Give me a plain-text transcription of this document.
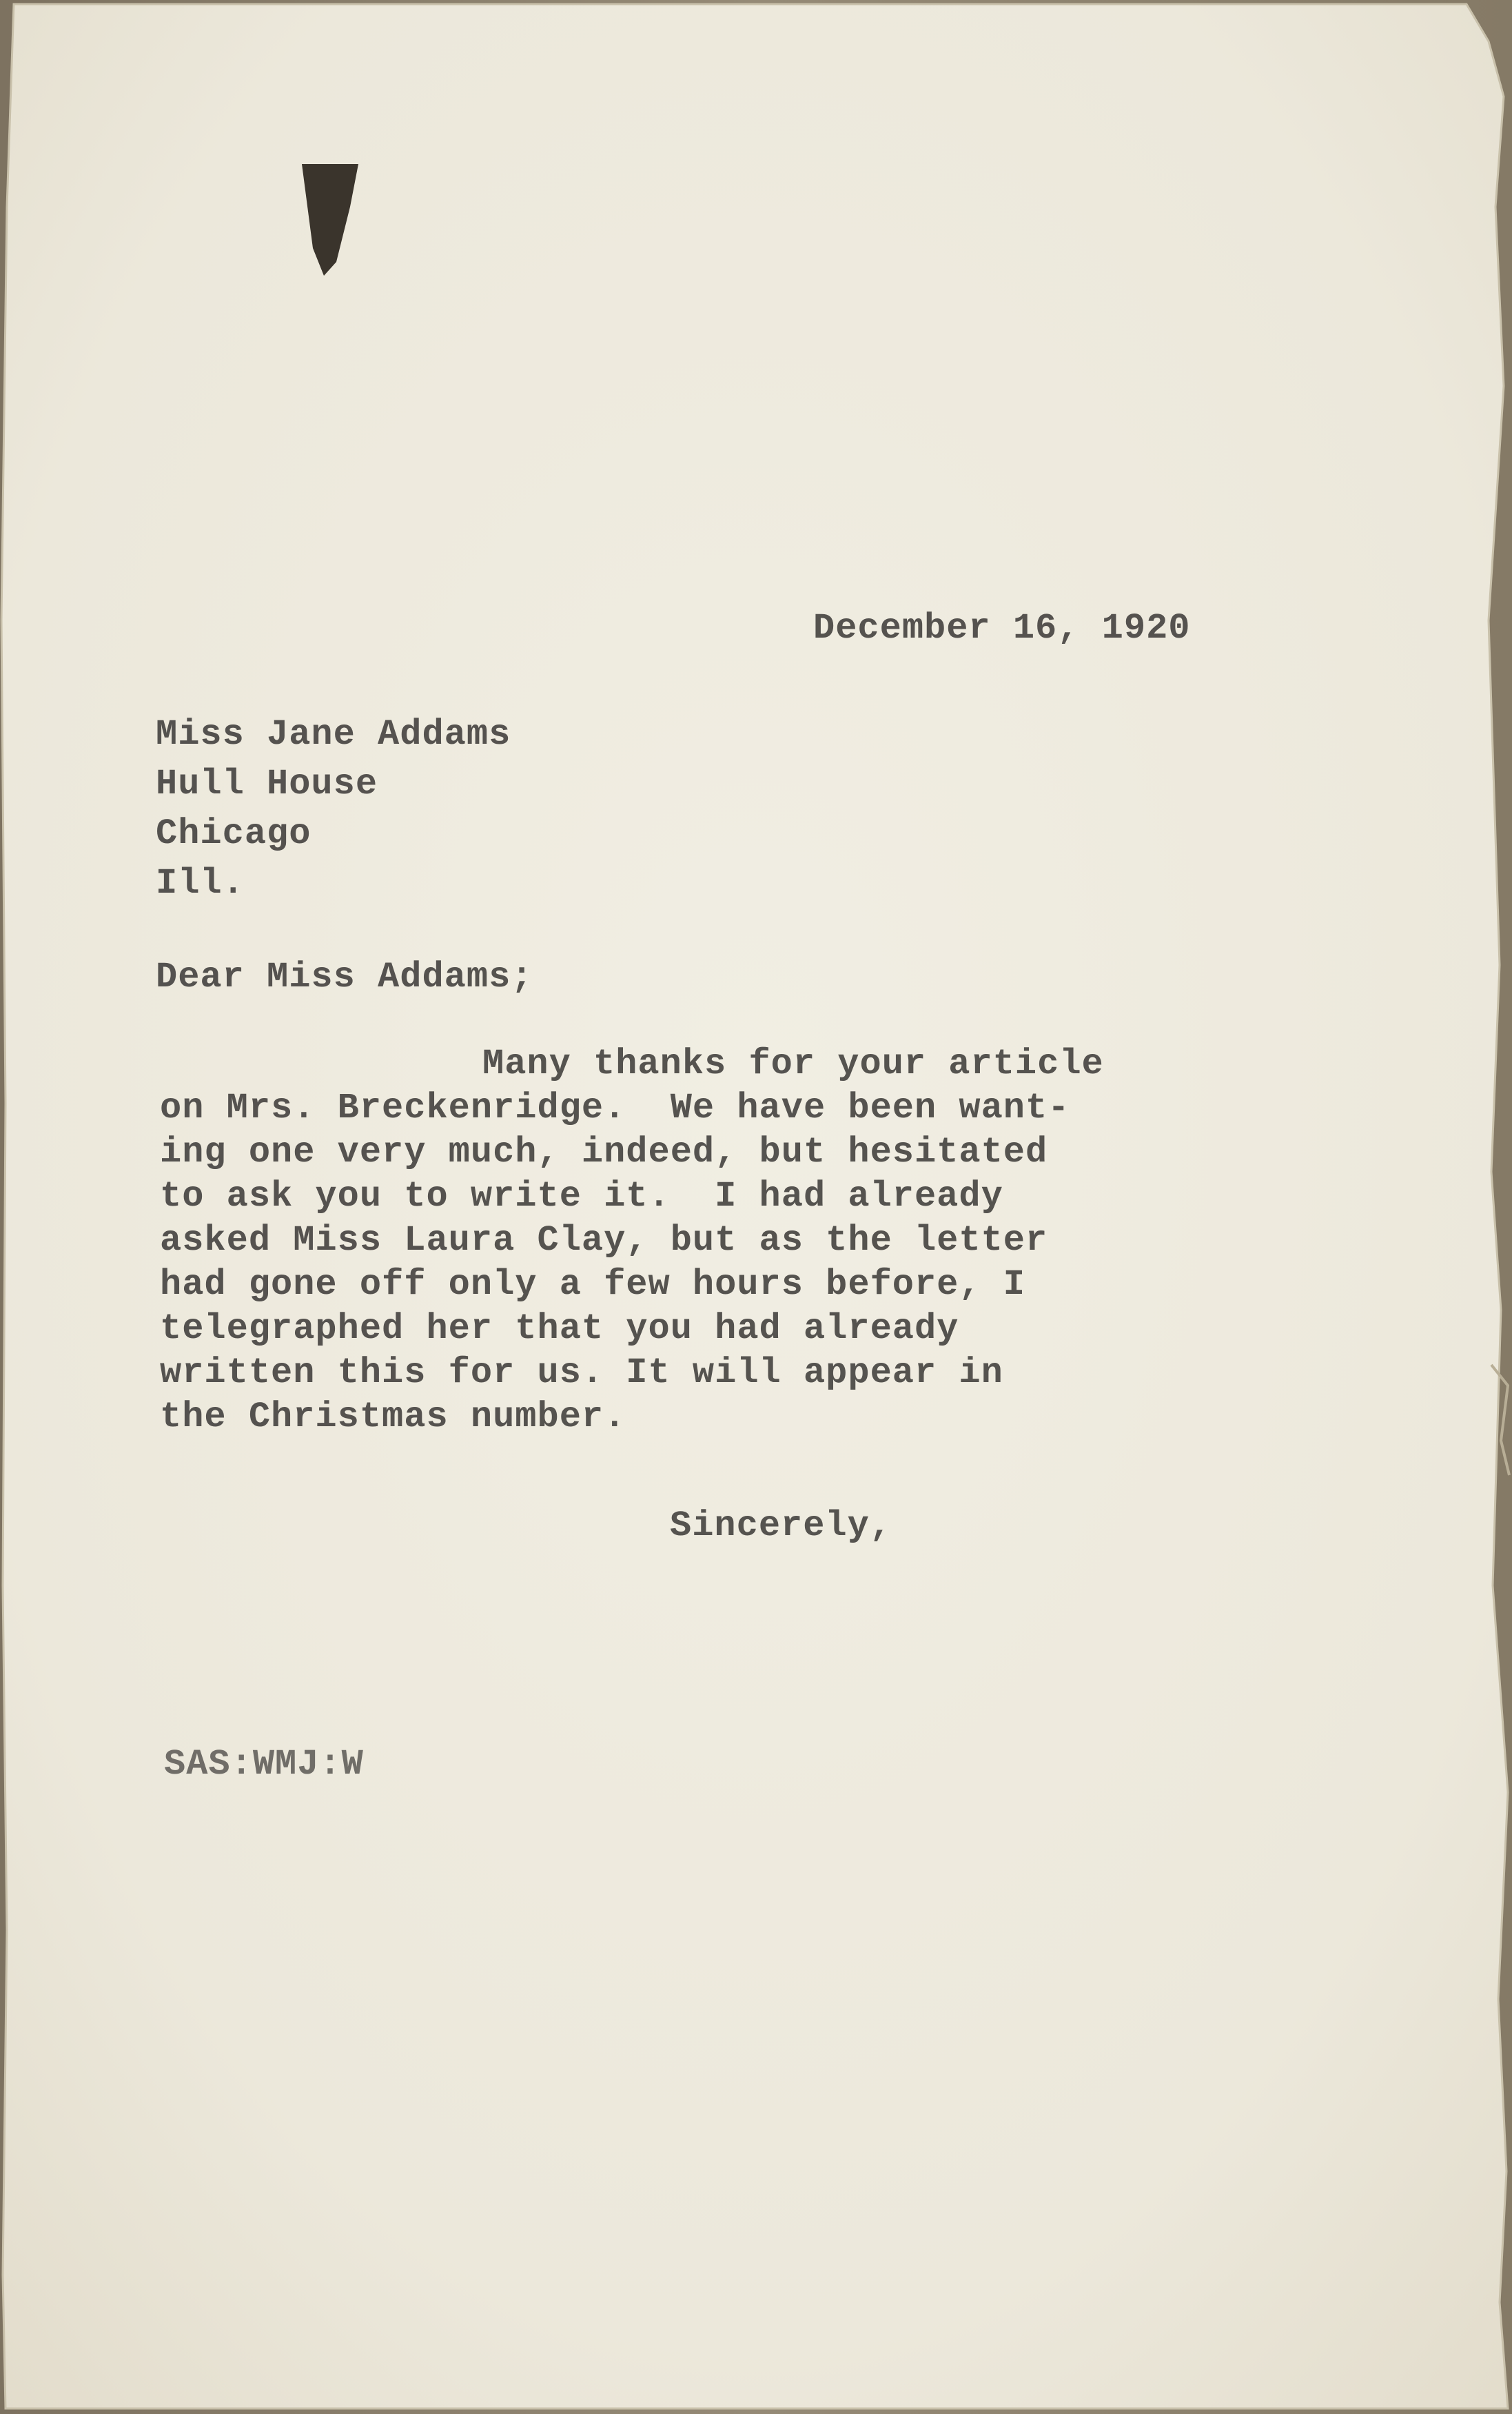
December 16, 1920
Miss Jane Addams
Hull House
Chicago
Ill.
Dear Miss Addams;
Many thanks for your article
on Mrs. Breckenridge.  We have been want-
ing one very much, indeed, but hesitated
to ask you to write it.  I had already
asked Miss Laura Clay, but as the letter
had gone off only a few hours before, I
telegraphed her that you had already
written this for us. It will appear in
the Christmas number.
Sincerely,
SAS:WMJ:W
